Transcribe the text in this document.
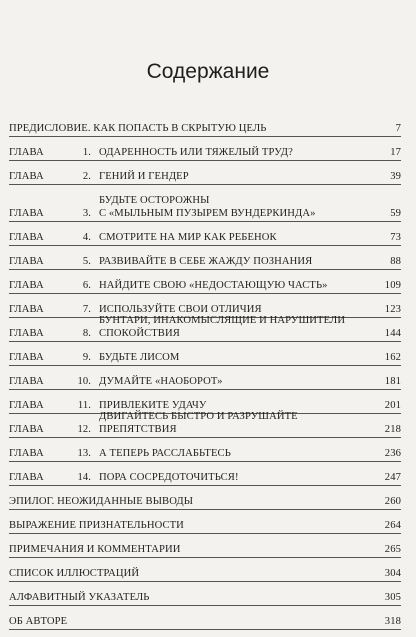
Содержание
ПРЕДИСЛОВИЕ. КАК ПОПАСТЬ В СКРЫТУЮ ЦЕЛЬ	7
ГЛАВА	1. ОДАРЕННОСТЬ ИЛИ ТЯЖЕЛЫЙ ТРУД?	17
ГЛАВА	2. ГЕНИЙ И ГЕНДЕР	39
ГЛАВА	3.
БУДЬТЕ ОСТОРОЖНЫ
С «МЫЛЬНЫМ ПУЗЫРЕМ ВУНДЕРКИНДА»	59
ГЛАВА	4. СМОТРИТЕ НА МИР КАК РЕБЕНОК	73
ГЛАВА	5. РАЗВИВАЙТЕ В СЕБЕ ЖАЖДУ ПОЗНАНИЯ	88
ГЛАВА	6. НАЙДИТЕ СВОЮ «НЕДОСТАЮЩУЮ ЧАСТЬ»	109
ГЛАВА	7. ИСПОЛЬЗУЙТЕ СВОИ ОТЛИЧИЯ	123
ГЛАВА	8.
БУНТАРИ, ИНАКОМЫСЛЯЩИЕ И НАРУШИТЕЛИ СПОКОЙСТВИЯ	144
ГЛАВА	9. БУДЬТЕ ЛИСОМ	162
ГЛАВА	10. ДУМАЙТЕ «НАОБОРОТ»	181
ГЛАВА	11. ПРИВЛЕКИТЕ УДАЧУ	201
ГЛАВА	12.
ДВИГАЙТЕСЬ БЫСТРО И РАЗРУШАЙТЕ ПРЕПЯТСТВИЯ	218
ГЛАВА	13. А ТЕПЕРЬ РАССЛАБЬТЕСЬ	236
ГЛАВА	14. ПОРА СОСРЕДОТОЧИТЬСЯ!	247
ЭПИЛОГ. НЕОЖИДАННЫЕ ВЫВОДЫ	260
ВЫРАЖЕНИЕ ПРИЗНАТЕЛЬНОСТИ	264
ПРИМЕЧАНИЯ И КОММЕНТАРИИ	265
СПИСОК ИЛЛЮСТРАЦИЙ	304
АЛФАВИТНЫЙ УКАЗАТЕЛЬ	305
ОБ АВТОРЕ	318
